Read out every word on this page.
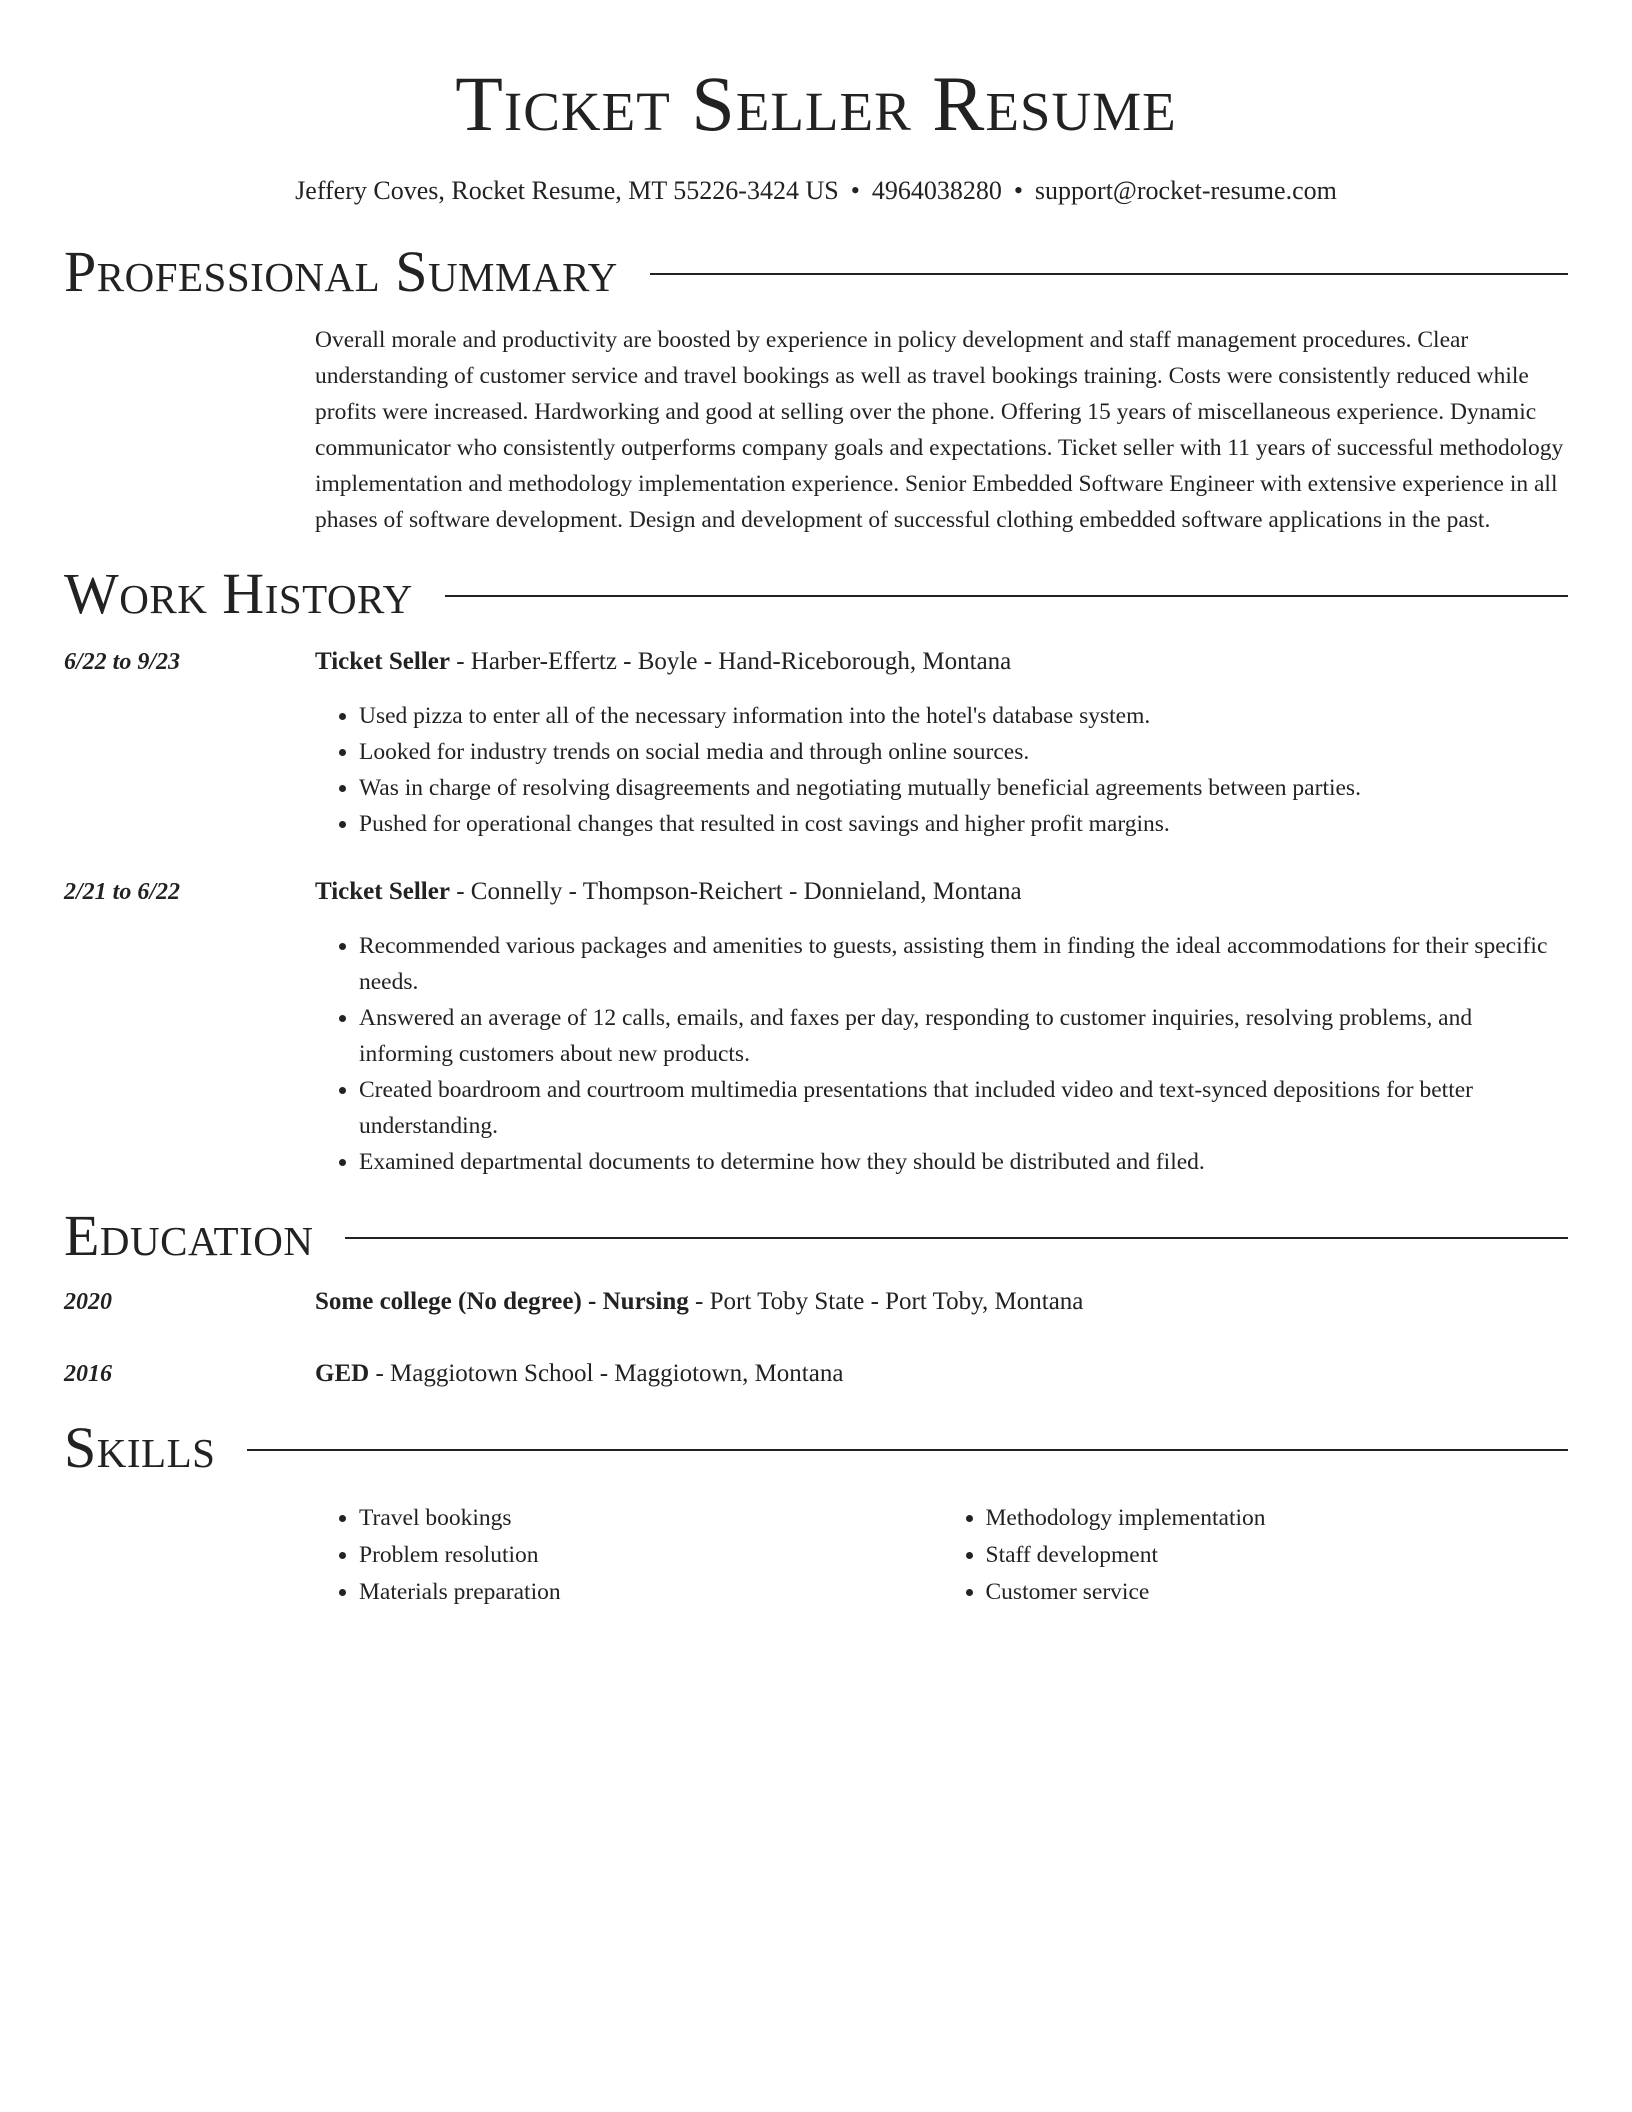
Ticket Seller Resume
Jeffery Coves, Rocket Resume, MT 55226-3424 US • 4964038280 • support@rocket-resume.com
Professional Summary

Overall morale and productivity are boosted by experience in policy development and staff management procedures. Clear understanding of customer service and travel bookings as well as travel bookings training. Costs were consistently reduced while profits were increased. Hardworking and good at selling over the phone. Offering 15 years of miscellaneous experience. Dynamic communicator who consistently outperforms company goals and expectations. Ticket seller with 11 years of successful methodology implementation and methodology implementation experience. Senior Embedded Software Engineer with extensive experience in all phases of software development. Design and development of successful clothing embedded software applications in the past.

Work History
6/22 to 9/23	Ticket Seller - Harber-Effertz - Boyle - Hand-Riceborough, Montana
• Used pizza to enter all of the necessary information into the hotel's database system.
• Looked for industry trends on social media and through online sources.
• Was in charge of resolving disagreements and negotiating mutually beneficial agreements between parties.
• Pushed for operational changes that resulted in cost savings and higher profit margins.
2/21 to 6/22	Ticket Seller - Connelly - Thompson-Reichert - Donnieland, Montana
• Recommended various packages and amenities to guests, assisting them in finding the ideal accommodations for their specific needs.
• Answered an average of 12 calls, emails, and faxes per day, responding to customer inquiries, resolving problems, and informing customers about new products.
• Created boardroom and courtroom multimedia presentations that included video and text-synced depositions for better understanding.
• Examined departmental documents to determine how they should be distributed and filed.
Education
2020	Some college (No degree) - Nursing - Port Toby State - Port Toby, Montana
2016	GED - Maggiotown School - Maggiotown, Montana
Skills
• Travel bookings
• Problem resolution
• Materials preparation
• Methodology implementation
• Staff development
• Customer service
